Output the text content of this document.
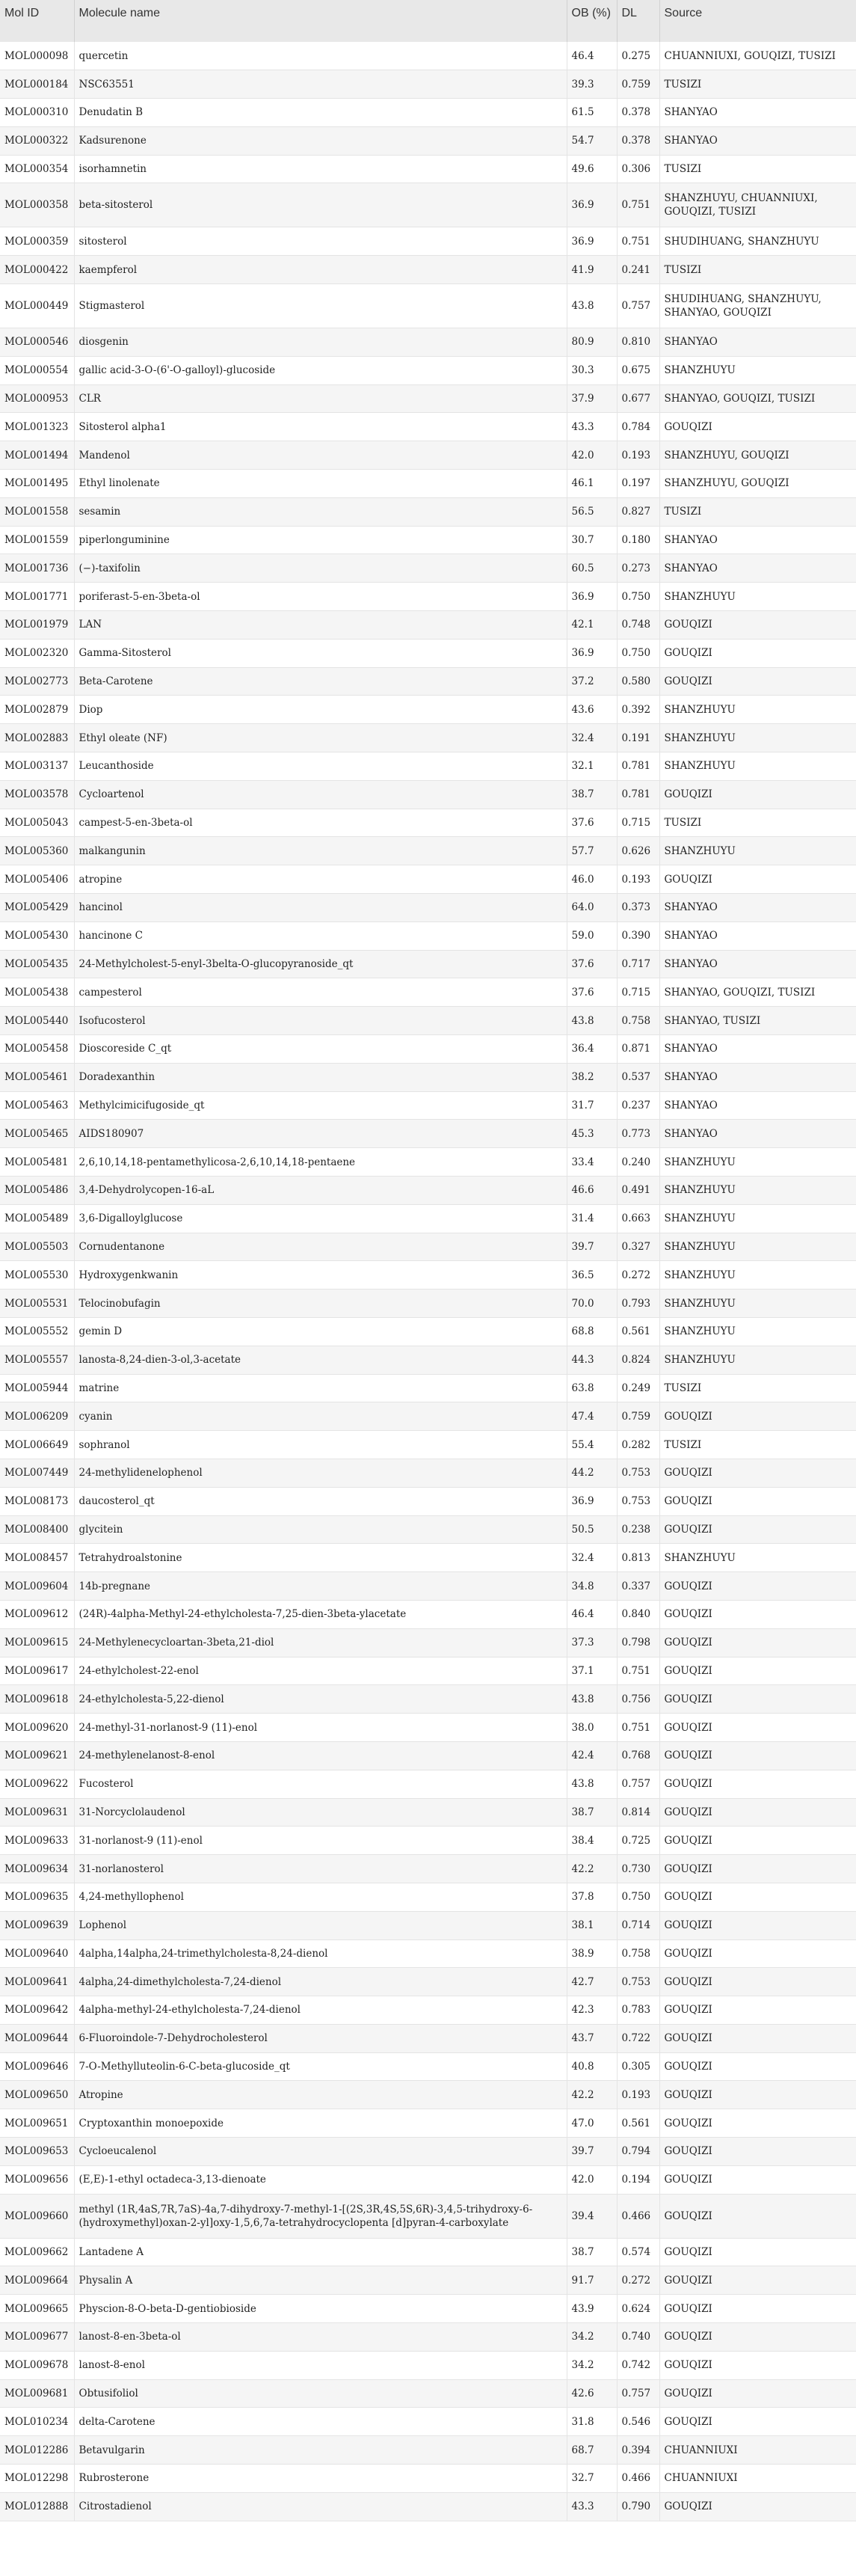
Mol ID	Molecule name	OB (%)	DL	Source
MOL000098	quercetin	46.4	0.275	CHUANNIUXI, GOUQIZI, TUSIZI
MOL000184	NSC63551	39.3	0.759	TUSIZI
MOL000310	Denudatin B	61.5	0.378	SHANYAO
MOL000322	Kadsurenone	54.7	0.378	SHANYAO
MOL000354	isorhamnetin	49.6	0.306	TUSIZI
MOL000358	beta-sitosterol	36.9	0.751	SHANZHUYU, CHUANNIUXI, GOUQIZI, TUSIZI
MOL000359	sitosterol	36.9	0.751	SHUDIHUANG, SHANZHUYU
MOL000422	kaempferol	41.9	0.241	TUSIZI
MOL000449	Stigmasterol	43.8	0.757	SHUDIHUANG, SHANZHUYU, SHANYAO, GOUQIZI
MOL000546	diosgenin	80.9	0.810	SHANYAO
MOL000554	gallic acid-3-O-(6'-O-galloyl)-glucoside	30.3	0.675	SHANZHUYU
MOL000953	CLR	37.9	0.677	SHANYAO, GOUQIZI, TUSIZI
MOL001323	Sitosterol alpha1	43.3	0.784	GOUQIZI
MOL001494	Mandenol	42.0	0.193	SHANZHUYU, GOUQIZI
MOL001495	Ethyl linolenate	46.1	0.197	SHANZHUYU, GOUQIZI
MOL001558	sesamin	56.5	0.827	TUSIZI
MOL001559	piperlonguminine	30.7	0.180	SHANYAO
MOL001736	(−)-taxifolin	60.5	0.273	SHANYAO
MOL001771	poriferast-5-en-3beta-ol	36.9	0.750	SHANZHUYU
MOL001979	LAN	42.1	0.748	GOUQIZI
MOL002320	Gamma-Sitosterol	36.9	0.750	GOUQIZI
MOL002773	Beta-Carotene	37.2	0.580	GOUQIZI
MOL002879	Diop	43.6	0.392	SHANZHUYU
MOL002883	Ethyl oleate (NF)	32.4	0.191	SHANZHUYU
MOL003137	Leucanthoside	32.1	0.781	SHANZHUYU
MOL003578	Cycloartenol	38.7	0.781	GOUQIZI
MOL005043	campest-5-en-3beta-ol	37.6	0.715	TUSIZI
MOL005360	malkangunin	57.7	0.626	SHANZHUYU
MOL005406	atropine	46.0	0.193	GOUQIZI
MOL005429	hancinol	64.0	0.373	SHANYAO
MOL005430	hancinone C	59.0	0.390	SHANYAO
MOL005435	24-Methylcholest-5-enyl-3belta-O-glucopyranoside_qt	37.6	0.717	SHANYAO
MOL005438	campesterol	37.6	0.715	SHANYAO, GOUQIZI, TUSIZI
MOL005440	Isofucosterol	43.8	0.758	SHANYAO, TUSIZI
MOL005458	Dioscoreside C_qt	36.4	0.871	SHANYAO
MOL005461	Doradexanthin	38.2	0.537	SHANYAO
MOL005463	Methylcimicifugoside_qt	31.7	0.237	SHANYAO
MOL005465	AIDS180907	45.3	0.773	SHANYAO
MOL005481	2,6,10,14,18-pentamethylicosa-2,6,10,14,18-pentaene	33.4	0.240	SHANZHUYU
MOL005486	3,4-Dehydrolycopen-16-aL	46.6	0.491	SHANZHUYU
MOL005489	3,6-Digalloylglucose	31.4	0.663	SHANZHUYU
MOL005503	Cornudentanone	39.7	0.327	SHANZHUYU
MOL005530	Hydroxygenkwanin	36.5	0.272	SHANZHUYU
MOL005531	Telocinobufagin	70.0	0.793	SHANZHUYU
MOL005552	gemin D	68.8	0.561	SHANZHUYU
MOL005557	lanosta-8,24-dien-3-ol,3-acetate	44.3	0.824	SHANZHUYU
MOL005944	matrine	63.8	0.249	TUSIZI
MOL006209	cyanin	47.4	0.759	GOUQIZI
MOL006649	sophranol	55.4	0.282	TUSIZI
MOL007449	24-methylidenelophenol	44.2	0.753	GOUQIZI
MOL008173	daucosterol_qt	36.9	0.753	GOUQIZI
MOL008400	glycitein	50.5	0.238	GOUQIZI
MOL008457	Tetrahydroalstonine	32.4	0.813	SHANZHUYU
MOL009604	14b-pregnane	34.8	0.337	GOUQIZI
MOL009612	(24R)-4alpha-Methyl-24-ethylcholesta-7,25-dien-3beta-ylacetate	46.4	0.840	GOUQIZI
MOL009615	24-Methylenecycloartan-3beta,21-diol	37.3	0.798	GOUQIZI
MOL009617	24-ethylcholest-22-enol	37.1	0.751	GOUQIZI
MOL009618	24-ethylcholesta-5,22-dienol	43.8	0.756	GOUQIZI
MOL009620	24-methyl-31-norlanost-9 (11)-enol	38.0	0.751	GOUQIZI
MOL009621	24-methylenelanost-8-enol	42.4	0.768	GOUQIZI
MOL009622	Fucosterol	43.8	0.757	GOUQIZI
MOL009631	31-Norcyclolaudenol	38.7	0.814	GOUQIZI
MOL009633	31-norlanost-9 (11)-enol	38.4	0.725	GOUQIZI
MOL009634	31-norlanosterol	42.2	0.730	GOUQIZI
MOL009635	4,24-methyllophenol	37.8	0.750	GOUQIZI
MOL009639	Lophenol	38.1	0.714	GOUQIZI
MOL009640	4alpha,14alpha,24-trimethylcholesta-8,24-dienol	38.9	0.758	GOUQIZI
MOL009641	4alpha,24-dimethylcholesta-7,24-dienol	42.7	0.753	GOUQIZI
MOL009642	4alpha-methyl-24-ethylcholesta-7,24-dienol	42.3	0.783	GOUQIZI
MOL009644	6-Fluoroindole-7-Dehydrocholesterol	43.7	0.722	GOUQIZI
MOL009646	7-O-Methylluteolin-6-C-beta-glucoside_qt	40.8	0.305	GOUQIZI
MOL009650	Atropine	42.2	0.193	GOUQIZI
MOL009651	Cryptoxanthin monoepoxide	47.0	0.561	GOUQIZI
MOL009653	Cycloeucalenol	39.7	0.794	GOUQIZI
MOL009656	(E,E)-1-ethyl octadeca-3,13-dienoate	42.0	0.194	GOUQIZI
MOL009660	methyl (1R,4aS,7R,7aS)-4a,7-dihydroxy-7-methyl-1-[(2S,3R,4S,5S,6R)-3,4,5-trihydroxy-6-(hydroxymethyl)oxan-2-yl]oxy-1,5,6,7a-tetrahydrocyclopenta [d]pyran-4-carboxylate	39.4	0.466	GOUQIZI
MOL009662	Lantadene A	38.7	0.574	GOUQIZI
MOL009664	Physalin A	91.7	0.272	GOUQIZI
MOL009665	Physcion-8-O-beta-D-gentiobioside	43.9	0.624	GOUQIZI
MOL009677	lanost-8-en-3beta-ol	34.2	0.740	GOUQIZI
MOL009678	lanost-8-enol	34.2	0.742	GOUQIZI
MOL009681	Obtusifoliol	42.6	0.757	GOUQIZI
MOL010234	delta-Carotene	31.8	0.546	GOUQIZI
MOL012286	Betavulgarin	68.7	0.394	CHUANNIUXI
MOL012298	Rubrosterone	32.7	0.466	CHUANNIUXI
MOL012888	Citrostadienol	43.3	0.790	GOUQIZI
